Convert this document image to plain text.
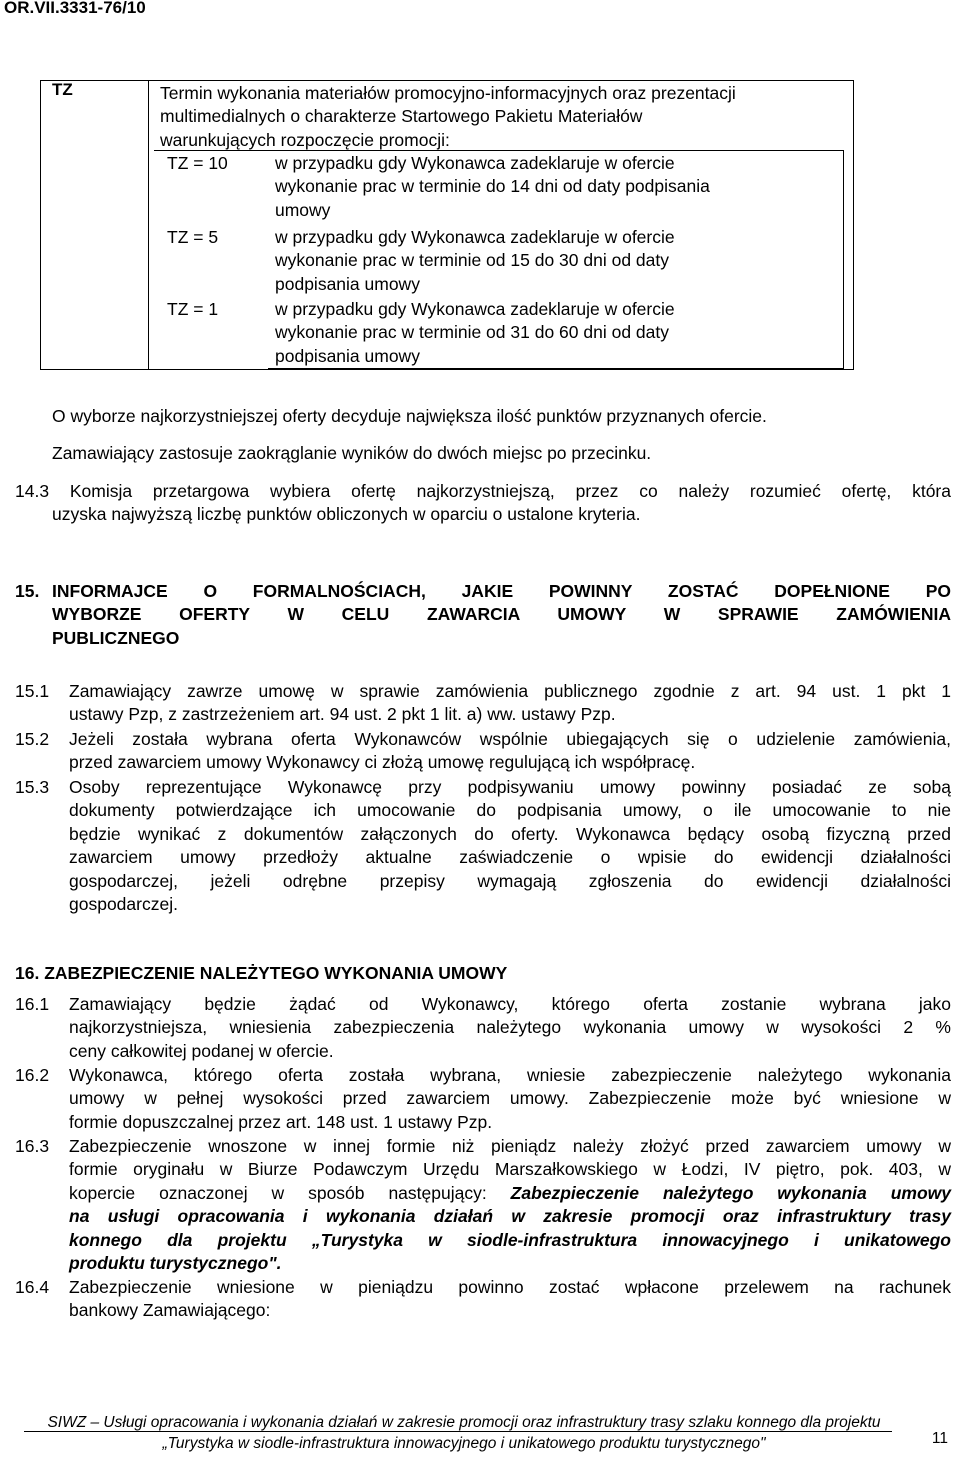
OR.VII.3331-76/10
TZ	Termin wykonania materiałów promocyjno-informacyjnych oraz prezentacji
multimedialnych o charakterze Startowego Pakietu Materiałów
warunkujących rozpoczęcie promocji:
TZ = 10	w przypadku gdy Wykonawca zadeklaruje w ofercie
wykonanie prac w terminie do 14 dni od daty podpisania
umowy
TZ = 5	w przypadku gdy Wykonawca zadeklaruje w ofercie
wykonanie prac w terminie od 15 do 30 dni od daty
podpisania umowy
TZ = 1	w przypadku gdy Wykonawca zadeklaruje w ofercie
wykonanie prac w terminie od 31 do 60 dni od daty
podpisania umowy
O wyborze najkorzystniejszej oferty decyduje największa ilość punktów przyznanych ofercie.
Zamawiający zastosuje zaokrąglanie wyników do dwóch miejsc po przecinku.
14.3 Komisja przetargowa wybiera ofertę najkorzystniejszą, przez co należy rozumieć ofertę, która
uzyska najwyższą liczbę punktów obliczonych w oparciu o ustalone kryteria.
15. INFORMAJCE O FORMALNOŚCIACH, JAKIE POWINNY ZOSTAĆ DOPEŁNIONE PO
WYBORZE OFERTY W CELU ZAWARCIA UMOWY W SPRAWIE ZAMÓWIENIA
PUBLICZNEGO
15.1 Zamawiający zawrze umowę w sprawie zamówienia publicznego zgodnie z art. 94 ust. 1 pkt 1
ustawy Pzp, z zastrzeżeniem art. 94 ust. 2 pkt 1 lit. a) ww. ustawy Pzp.
15.2 Jeżeli została wybrana oferta Wykonawców wspólnie ubiegających się o udzielenie zamówienia,
przed zawarciem umowy Wykonawcy ci złożą umowę regulującą ich współpracę.
15.3 Osoby reprezentujące Wykonawcę przy podpisywaniu umowy powinny posiadać ze sobą
dokumenty potwierdzające ich umocowanie do podpisania umowy, o ile umocowanie to nie
będzie wynikać z dokumentów załączonych do oferty. Wykonawca będący osobą fizyczną przed
zawarciem umowy przedłoży aktualne zaświadczenie o wpisie do ewidencji działalności
gospodarczej, jeżeli odrębne przepisy wymagają zgłoszenia do ewidencji działalności
gospodarczej.
16. ZABEZPIECZENIE NALEŻYTEGO WYKONANIA UMOWY
16.1 Zamawiający będzie żądać od Wykonawcy, którego oferta zostanie wybrana jako
najkorzystniejsza, wniesienia zabezpieczenia należytego wykonania umowy w wysokości 2 %
ceny całkowitej podanej w ofercie.
16.2 Wykonawca, którego oferta została wybrana, wniesie zabezpieczenie należytego wykonania
umowy w pełnej wysokości przed zawarciem umowy. Zabezpieczenie może być wniesione w
formie dopuszczalnej przez art. 148 ust. 1 ustawy Pzp.
16.3 Zabezpieczenie wnoszone w innej formie niż pieniądz należy złożyć przed zawarciem umowy w
formie oryginału w Biurze Podawczym Urzędu Marszałkowskiego w Łodzi, IV piętro, pok. 403, w
kopercie oznaczonej w sposób następujący: Zabezpieczenie należytego wykonania umowy
na usługi opracowania i wykonania działań w zakresie promocji oraz infrastruktury trasy
konnego dla projektu „Turystyka w siodle-infrastruktura innowacyjnego i unikatowego
produktu turystycznego".
16.4 Zabezpieczenie wniesione w pieniądzu powinno zostać wpłacone przelewem na rachunek
bankowy Zamawiającego:
SIWZ – Usługi opracowania i wykonania działań w zakresie promocji oraz infrastruktury trasy szlaku konnego dla projektu
„Turystyka w siodle-infrastruktura innowacyjnego i unikatowego produktu turystycznego"	11
